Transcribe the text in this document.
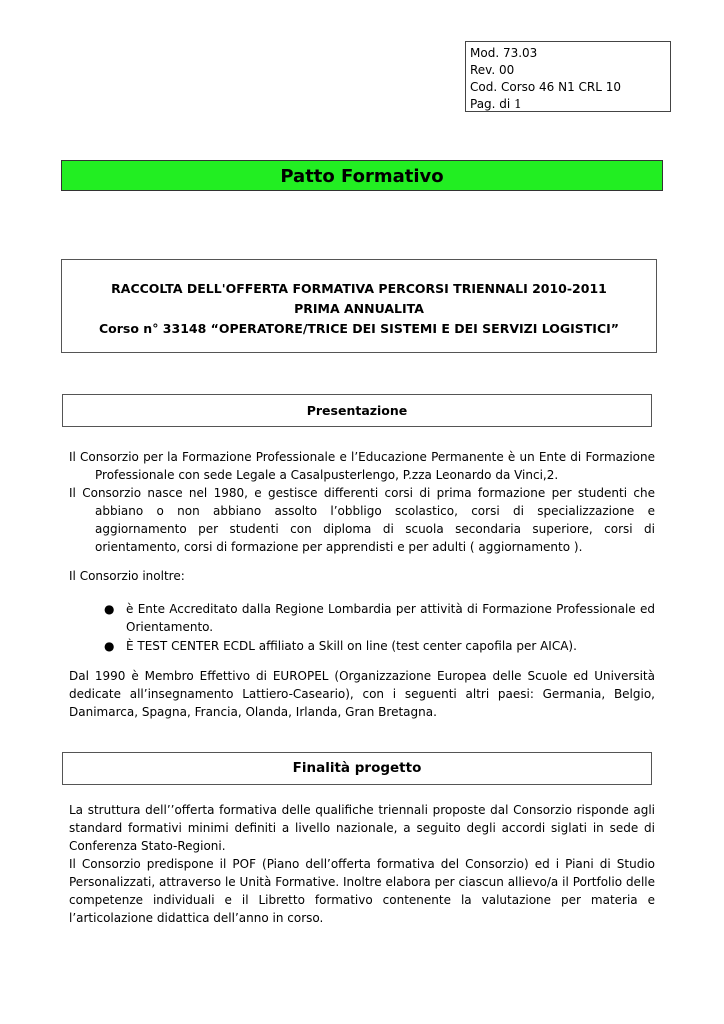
Mod. 73.03
Rev. 00
Cod. Corso 46 N1 CRL 10
Pag. di 1
Patto Formativo
RACCOLTA DELL'OFFERTA FORMATIVA PERCORSI TRIENNALI 2010-2011
PRIMA ANNUALITA
Corso n° 33148 “OPERATORE/TRICE DEI SISTEMI E DEI SERVIZI LOGISTICI”
Presentazione

Il Consorzio per la Formazione Professionale e l’Educazione Permanente è un Ente di Formazione Professionale con sede Legale a Casalpusterlengo, P.zza Leonardo da Vinci,2.

Il Consorzio nasce nel 1980, e gestisce differenti corsi di prima formazione per studenti che abbiano o non abbiano assolto l’obbligo scolastico, corsi di specializzazione e aggiornamento per studenti con diploma di scuola secondaria superiore, corsi di orientamento, corsi di formazione per apprendisti e per adulti ( aggiornamento ).

Il Consorzio inoltre:
● è Ente Accreditato dalla Regione Lombardia per attività di Formazione Professionale ed Orientamento.
● È TEST CENTER ECDL affiliato a Skill on line (test center capofila per AICA).
Dal 1990 è Membro Effettivo di EUROPEL (Organizzazione Europea delle Scuole ed Università dedicate all’insegnamento Lattiero-Caseario), con i seguenti altri paesi: Germania, Belgio, Danimarca, Spagna, Francia, Olanda, Irlanda, Gran Bretagna.
Finalità progetto

La struttura dell’’offerta formativa delle qualifiche triennali proposte dal Consorzio risponde agli standard formativi minimi definiti a livello nazionale, a seguito degli accordi siglati in sede di Conferenza Stato-Regioni.

Il Consorzio predispone il POF (Piano dell’offerta formativa del Consorzio) ed i Piani di Studio Personalizzati, attraverso le Unità Formative. Inoltre elabora per ciascun allievo/a il Portfolio delle competenze individuali e il Libretto formativo contenente la valutazione per materia e l’articolazione didattica dell’anno in corso.
